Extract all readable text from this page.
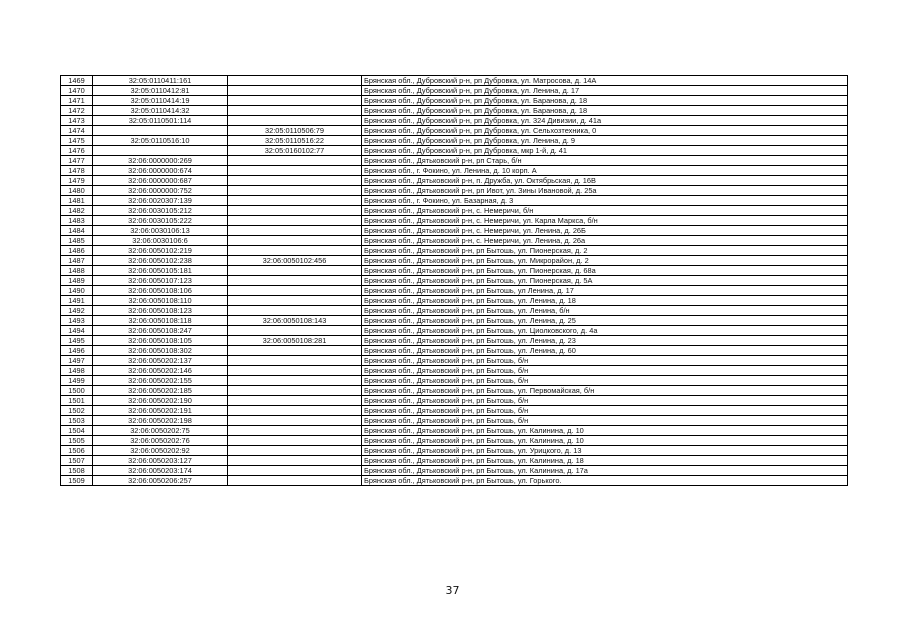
1469	32:05:0110411:161		Брянская обл., Дубровский р-н, рп Дубровка, ул. Матросова, д. 14А
1470	32:05:0110412:81		Брянская обл., Дубровский р-н, рп Дубровка, ул. Ленина, д. 17
1471	32:05:0110414:19		Брянская обл., Дубровский р-н, рп Дубровка, ул. Баранова, д. 18
1472	32:05:0110414:32		Брянская обл., Дубровский р-н, рп Дубровка, ул. Баранова, д. 18
1473	32:05:0110501:114		Брянская обл., Дубровский р-н, рп Дубровка, ул. 324 Дивизии, д. 41а
1474		32:05:0110506:79	Брянская обл., Дубровский р-н, рп Дубровка, ул. Сельхозтехника, 0
1475	32:05:0110516:10	32:05:0110516:22	Брянская обл., Дубровский р-н, рп Дубровка, ул. Ленина, д. 9
1476		32:05:0160102:77	Брянская обл., Дубровский р-н, рп Дубровка, мкр 1-й, д. 41
1477	32:06:0000000:269		Брянская обл., Дятьковский р-н, рп Старь, б/н
1478	32:06:0000000:674		Брянская обл., г. Фокино, ул. Ленина, д. 10 корп. А
1479	32:06:0000000:687		Брянская обл., Дятьковский р-н, п. Дружба, ул. Октябрьская, д. 16В
1480	32:06:0000000:752		Брянская обл., Дятьковский р-н, рп Ивот, ул. Зины Ивановой, д. 25а
1481	32:06:0020307:139		Брянская обл., г. Фокино, ул. Базарная, д. 3
1482	32:06:0030105:212		Брянская обл., Дятьковский р-н, с. Немеричи, б/н
1483	32:06:0030105:222		Брянская обл., Дятьковский р-н, с. Немеричи, ул. Карла Маркса, б/н
1484	32:06:0030106:13		Брянская обл., Дятьковский р-н, с. Немеричи, ул. Ленина, д. 26Б
1485	32:06:0030106:6		Брянская обл., Дятьковский р-н, с. Немеричи, ул. Ленина, д. 26а
1486	32:06:0050102:219		Брянская обл., Дятьковский р-н, рп Бытошь, ул. Пионерская, д. 2
1487	32:06:0050102:238	32:06:0050102:456	Брянская обл., Дятьковский р-н, рп Бытошь, ул. Микрорайон, д. 2
1488	32:06:0050105:181		Брянская обл., Дятьковский р-н, рп Бытошь, ул. Пионерская, д. 68а
1489	32:06:0050107:123		Брянская обл., Дятьковский р-н, рп Бытошь, ул. Пионерская, д. 5А
1490	32:06:0050108:106		Брянская обл., Дятьковский р-н, рп Бытошь, ул Ленина, д. 17
1491	32:06:0050108:110		Брянская обл., Дятьковский р-н, рп Бытошь, ул. Ленина, д. 18
1492	32:06:0050108:123		Брянская обл., Дятьковский р-н, рп Бытошь, ул. Ленина, б/н
1493	32:06:0050108:118	32:06:0050108:143	Брянская обл., Дятьковский р-н, рп Бытошь, ул. Ленина, д. 25
1494	32:06:0050108:247		Брянская обл., Дятьковский р-н, рп Бытошь, ул. Циолковского, д. 4а
1495	32:06:0050108:105	32:06:0050108:281	Брянская обл., Дятьковский р-н, рп Бытошь, ул. Ленина, д. 23
1496	32:06:0050108:302		Брянская обл., Дятьковский р-н, рп Бытошь, ул. Ленина, д. 60
1497	32:06:0050202:137		Брянская обл., Дятьковский р-н, рп Бытошь, б/н
1498	32:06:0050202:146		Брянская обл., Дятьковский р-н, рп Бытошь, б/н
1499	32:06:0050202:155		Брянская обл., Дятьковский р-н, рп Бытошь, б/н
1500	32:06:0050202:185		Брянская обл., Дятьковский р-н, рп Бытошь, ул. Первомайская, б/н
1501	32:06:0050202:190		Брянская обл., Дятьковский р-н, рп Бытошь, б/н
1502	32:06:0050202:191		Брянская обл., Дятьковский р-н, рп Бытошь, б/н
1503	32:06:0050202:198		Брянская обл., Дятьковский р-н, рп Бытошь, б/н
1504	32:06:0050202:75		Брянская обл., Дятьковский р-н, рп Бытошь, ул. Калинина, д. 10
1505	32:06:0050202:76		Брянская обл., Дятьковский р-н, рп Бытошь, ул. Калинина, д. 10
1506	32:06:0050202:92		Брянская обл., Дятьковский р-н, рп Бытошь, ул. Урицкого, д. 13
1507	32:06:0050203:127		Брянская обл., Дятьковский р-н, рп Бытошь, ул. Калинина, д. 18
1508	32:06:0050203:174		Брянская обл., Дятьковский р-н, рп Бытошь, ул. Калинина, д. 17а
1509	32:06:0050206:257		Брянская обл., Дятьковский р-н, рп Бытошь, ул. Горького.
37
